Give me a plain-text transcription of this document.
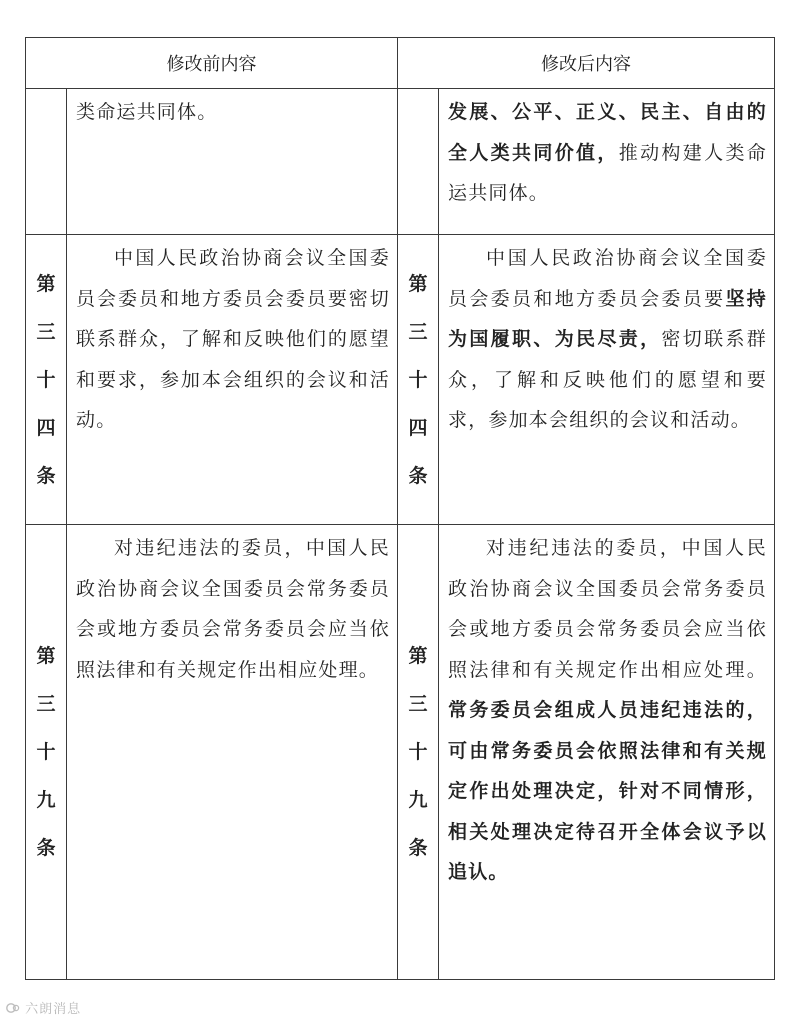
修改前内容		修改后内容	

	类命运共同体。		发展、公平、正义、民主、自由的全人类共同价值，推动构建人类命运共同体。

第
三
十
四
条	中国人民政治协商会议全国委员会委员和地方委员会委员要密切联系群众，了解和反映他们的愿望和要求，参加本会组织的会议和活动。	第
三
十
四
条	中国人民政治协商会议全国委员会委员和地方委员会委员要坚持为国履职、为民尽责，密切联系群众，了解和反映他们的愿望和要求，参加本会组织的会议和活动。

第
三
十
九
条	对违纪违法的委员，中国人民政治协商会议全国委员会常务委员会或地方委员会常务委员会应当依照法律和有关规定作出相应处理。	第
三
十
九
条	对违纪违法的委员，中国人民政治协商会议全国委员会常务委员会或地方委员会常务委员会应当依照法律和有关规定作出相应处理。常务委员会组成人员违纪违法的，可由常务委员会依照法律和有关规定作出处理决定，针对不同情形，相关处理决定待召开全体会议予以追认。

六朗消息
